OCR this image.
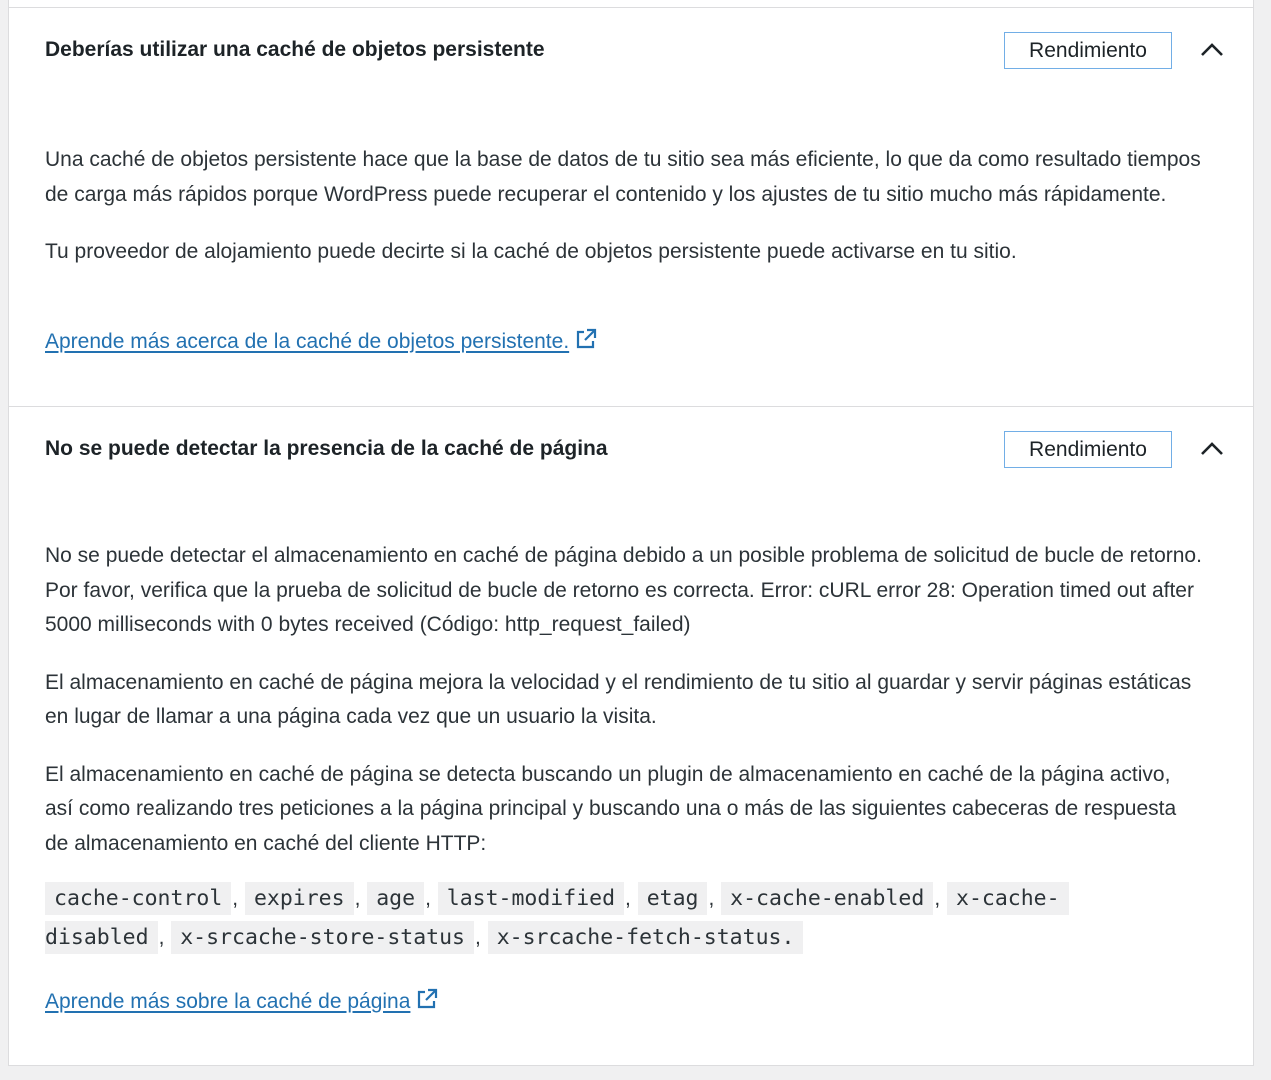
Deberías utilizar una caché de objetos persistente	Rendimiento

Una caché de objetos persistente hace que la base de datos de tu sitio sea más eficiente, lo que da como resultado tiempos de carga más rápidos porque WordPress puede recuperar el contenido y los ajustes de tu sitio mucho más rápidamente.

Tu proveedor de alojamiento puede decirte si la caché de objetos persistente puede activarse en tu sitio.

Aprende más acerca de la caché de objetos persistente.
No se puede detectar la presencia de la caché de página	Rendimiento

No se puede detectar el almacenamiento en caché de página debido a un posible problema de solicitud de bucle de retorno. Por favor, verifica que la prueba de solicitud de bucle de retorno es correcta. Error: cURL error 28: Operation timed out after 5000 milliseconds with 0 bytes received (Código: http_request_failed)

El almacenamiento en caché de página mejora la velocidad y el rendimiento de tu sitio al guardar y servir páginas estáticas en lugar de llamar a una página cada vez que un usuario la visita.

El almacenamiento en caché de página se detecta buscando un plugin de almacenamiento en caché de la página activo, así como realizando tres peticiones a la página principal y buscando una o más de las siguientes cabeceras de respuesta de almacenamiento en caché del cliente HTTP:

cache-control , expires , age , last-modified , etag , x-cache-enabled , x-cache-
disabled , x-srcache-store-status , x-srcache-fetch-status.
Aprende más sobre la caché de página
